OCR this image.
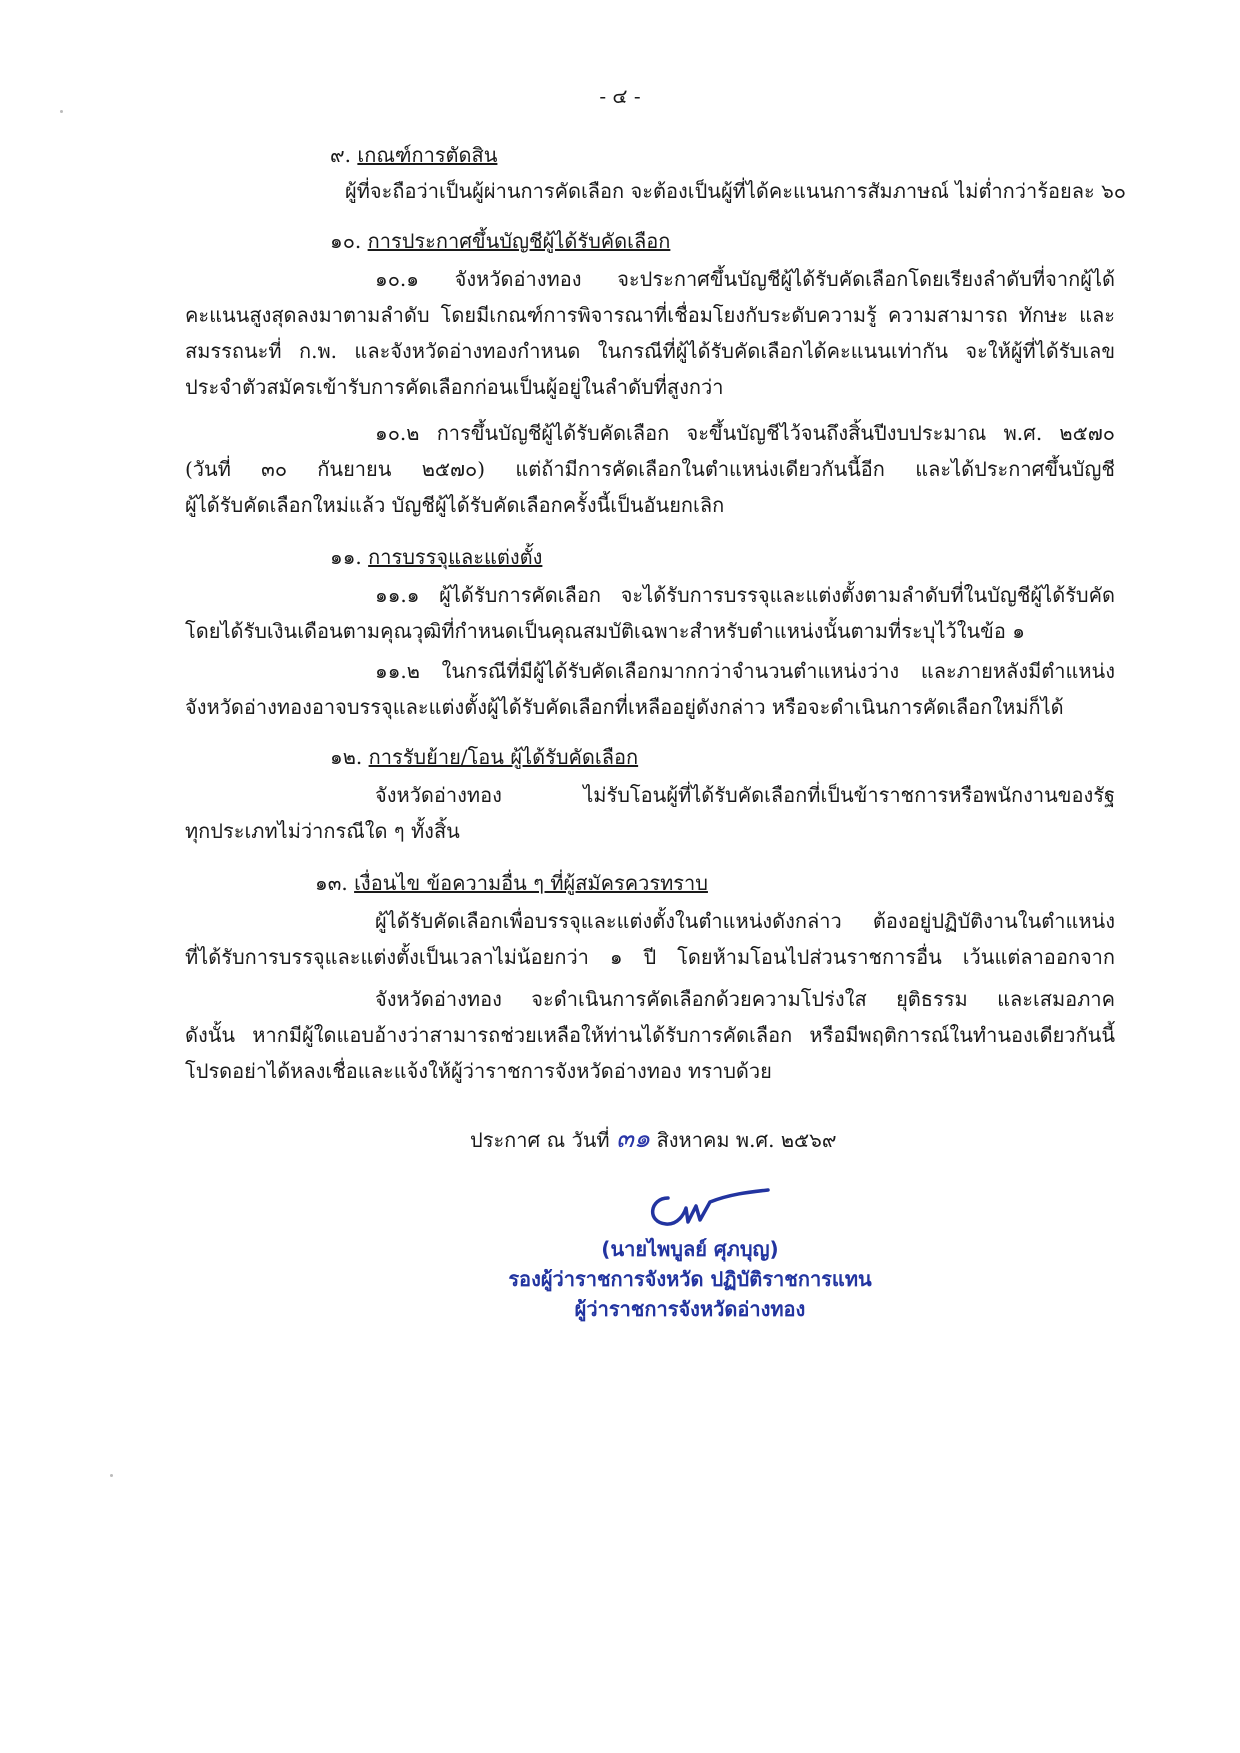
- ๔ -
๙. เกณฑ์การตัดสิน
ผู้ที่จะถือว่าเป็นผู้ผ่านการคัดเลือก จะต้องเป็นผู้ที่ได้คะแนนการสัมภาษณ์ ไม่ต่ำกว่าร้อยละ ๖๐
๑๐. การประกาศขึ้นบัญชีผู้ได้รับคัดเลือก
๑๐.๑ จังหวัดอ่างทอง จะประกาศขึ้นบัญชีผู้ได้รับคัดเลือกโดยเรียงลำดับที่จากผู้ได้
คะแนนสูงสุดลงมาตามลำดับ โดยมีเกณฑ์การพิจารณาที่เชื่อมโยงกับระดับความรู้ ความสามารถ ทักษะ และ
สมรรถนะที่ ก.พ. และจังหวัดอ่างทองกำหนด ในกรณีที่ผู้ได้รับคัดเลือกได้คะแนนเท่ากัน จะให้ผู้ที่ได้รับเลข
ประจำตัวสมัครเข้ารับการคัดเลือกก่อนเป็นผู้อยู่ในลำดับที่สูงกว่า
๑๐.๒ การขึ้นบัญชีผู้ได้รับคัดเลือก จะขึ้นบัญชีไว้จนถึงสิ้นปีงบประมาณ พ.ศ. ๒๕๗๐
(วันที่ ๓๐ กันยายน ๒๕๗๐) แต่ถ้ามีการคัดเลือกในตำแหน่งเดียวกันนี้อีก และได้ประกาศขึ้นบัญชี
ผู้ได้รับคัดเลือกใหม่แล้ว บัญชีผู้ได้รับคัดเลือกครั้งนี้เป็นอันยกเลิก
๑๑. การบรรจุและแต่งตั้ง
๑๑.๑ ผู้ได้รับการคัดเลือก จะได้รับการบรรจุและแต่งตั้งตามลำดับที่ในบัญชีผู้ได้รับคัด
โดยได้รับเงินเดือนตามคุณวุฒิที่กำหนดเป็นคุณสมบัติเฉพาะสำหรับตำแหน่งนั้นตามที่ระบุไว้ในข้อ ๑
๑๑.๒ ในกรณีที่มีผู้ได้รับคัดเลือกมากกว่าจำนวนตำแหน่งว่าง และภายหลังมีตำแหน่ง
จังหวัดอ่างทองอาจบรรจุและแต่งตั้งผู้ได้รับคัดเลือกที่เหลืออยู่ดังกล่าว หรือจะดำเนินการคัดเลือกใหม่ก็ได้
๑๒. การรับย้าย/โอน ผู้ได้รับคัดเลือก
จังหวัดอ่างทอง ไม่รับโอนผู้ที่ได้รับคัดเลือกที่เป็นข้าราชการหรือพนักงานของรัฐ
ทุกประเภทไม่ว่ากรณีใด ๆ ทั้งสิ้น
๑๓. เงื่อนไข ข้อความอื่น ๆ ที่ผู้สมัครควรทราบ
ผู้ได้รับคัดเลือกเพื่อบรรจุและแต่งตั้งในตำแหน่งดังกล่าว ต้องอยู่ปฏิบัติงานในตำแหน่ง
ที่ได้รับการบรรจุและแต่งตั้งเป็นเวลาไม่น้อยกว่า ๑ ปี โดยห้ามโอนไปส่วนราชการอื่น เว้นแต่ลาออกจาก
จังหวัดอ่างทอง จะดำเนินการคัดเลือกด้วยความโปร่งใส ยุติธรรม และเสมอภาค
ดังนั้น หากมีผู้ใดแอบอ้างว่าสามารถช่วยเหลือให้ท่านได้รับการคัดเลือก หรือมีพฤติการณ์ในทำนองเดียวกันนี้
โปรดอย่าได้หลงเชื่อและแจ้งให้ผู้ว่าราชการจังหวัดอ่างทอง ทราบด้วย
ประกาศ ณ วันที่ ๓๑ สิงหาคม พ.ศ. ๒๕๖๙
(นายไพบูลย์ ศุภบุญ)
รองผู้ว่าราชการจังหวัด ปฏิบัติราชการแทน
ผู้ว่าราชการจังหวัดอ่างทอง
